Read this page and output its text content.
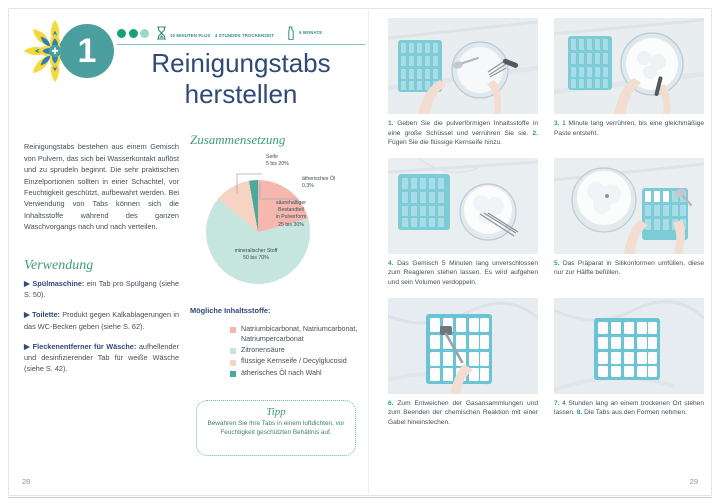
1	10 MINUTEN PLUS 4 STUNDEN TROCKENZEIT
6 MONATE
Reinigungstabs
herstellen

Reinigungstabs bestehen aus einem Gemisch von Pulvern, das sich bei Wasserkontakt auflöst und zu sprudeln beginnt. Die sehr praktischen Einzelportionen sollten in einer Schachtel, vor Feuchtigkeit geschützt, aufbewahrt werden. Bei Verwendung von Tabs können sich die Inhaltsstoffe während des ganzen Waschvorgangs nach und nach verteilen.

Verwendung
▶ Spülmaschine: ein Tab pro Spülgang (siehe S. 50).
▶ Toilette: Produkt gegen Kalkablagerungen in das WC-Becken geben (siehe S. 62).
▶ Fleckenentferner für Wäsche: aufhellender und desinfizierender Tab für weiße Wäsche (siehe S. 42).
Zusammensetzung
Seife
5 bis 20%
ätherisches Öl
0,3%
säurehaltiger
Bestandteil
in Pulverform
25 bis 30%
mineralischer Stoff
50 bis 70%
Mögliche Inhaltsstoffe:
Natriumbicarbonat, Natriumcarbonat, Natriumpercarbonat
Zitronensäure
flüssige Kernseife / Decylglucosid
ätherisches Öl nach Wahl
Tipp
Bewahren Sie Ihre Tabs in einem luftdichten, vor Feuchtigkeit geschützten Behältnis auf.
1. Geben Sie die pulverförmigen Inhaltsstoffe in eine große Schüssel und verrühren Sie sie. 2. Fügen Sie die flüssige Kernseife hinzu.
3. 1 Minute lang verrühren, bis eine gleichmäßige Paste entsteht.
4. Das Gemisch 5 Minuten lang unverschlossen zum Reagieren stehen lassen. Es wird aufgehen und sein Volumen verdoppeln.
5. Das Präparat in Silikonformen umfüllen, diese nur zur Hälfte befüllen.
6. Zum Entweichen der Gasansammlungen und zum Beenden der chemischen Reaktion mit einer Gabel hineinstechen.
7. 4 Stunden lang an einem trockenen Ort stehen lassen. 8. Die Tabs aus den Formen nehmen.
28	29
